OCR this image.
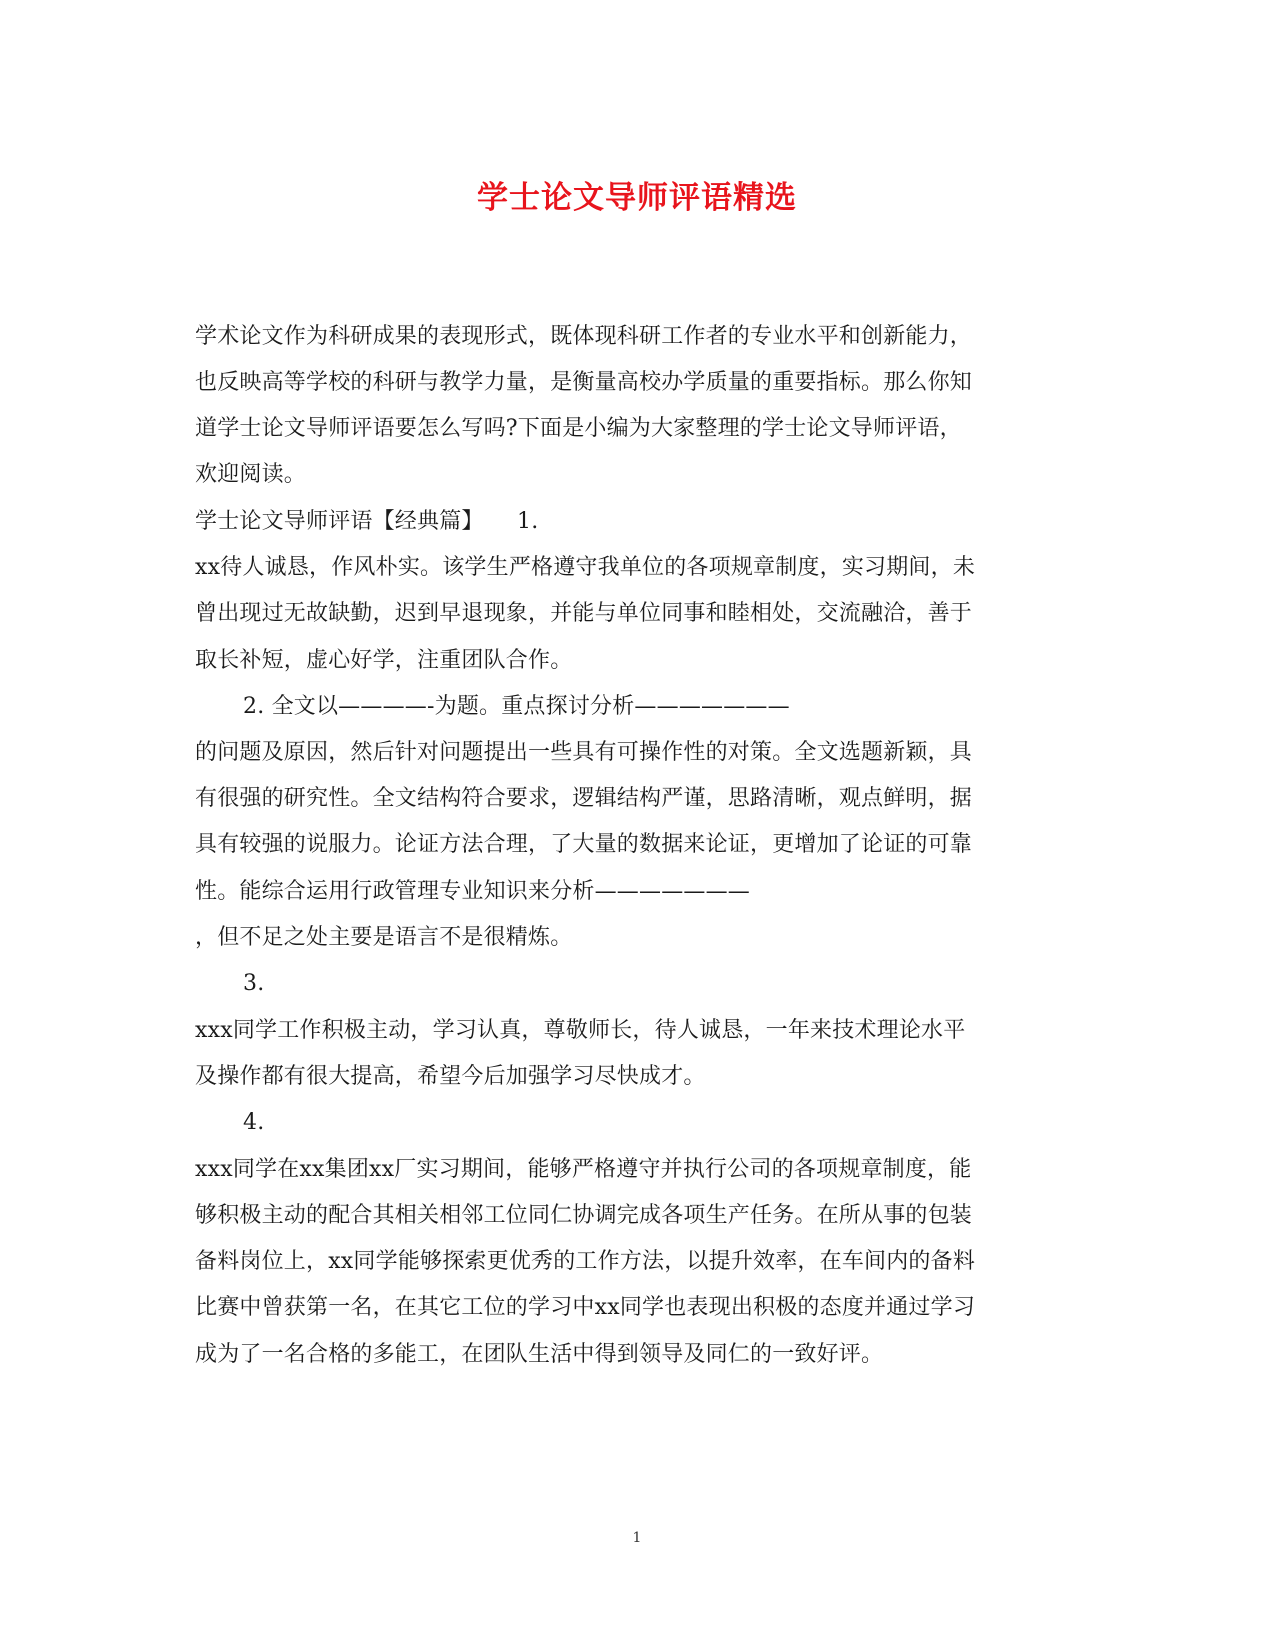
学士论文导师评语精选
学术论文作为科研成果的表现形式，既体现科研工作者的专业水平和创新能力，
也反映高等学校的科研与教学力量，是衡量高校办学质量的重要指标。那么你知
道学士论文导师评语要怎么写吗?下面是小编为大家整理的学士论文导师评语，
欢迎阅读。
学士论文导师评语【经典篇】　　1.
xx待人诚恳，作风朴实。该学生严格遵守我单位的各项规章制度，实习期间，未
曾出现过无故缺勤，迟到早退现象，并能与单位同事和睦相处，交流融洽，善于
取长补短，虚心好学，注重团队合作。
2. 全文以————-为题。重点探讨分析———————
的问题及原因，然后针对问题提出一些具有可操作性的对策。全文选题新颖，具
有很强的研究性。全文结构符合要求，逻辑结构严谨，思路清晰，观点鲜明，据
具有较强的说服力。论证方法合理，了大量的数据来论证，更增加了论证的可靠
性。能综合运用行政管理专业知识来分析———————
，但不足之处主要是语言不是很精炼。
3.
xxx同学工作积极主动，学习认真，尊敬师长，待人诚恳，一年来技术理论水平
及操作都有很大提高，希望今后加强学习尽快成才。
4.
xxx同学在xx集团xx厂实习期间，能够严格遵守并执行公司的各项规章制度，能
够积极主动的配合其相关相邻工位同仁协调完成各项生产任务。在所从事的包装
备料岗位上，xx同学能够探索更优秀的工作方法，以提升效率，在车间内的备料
比赛中曾获第一名，在其它工位的学习中xx同学也表现出积极的态度并通过学习
成为了一名合格的多能工，在团队生活中得到领导及同仁的一致好评。
1
